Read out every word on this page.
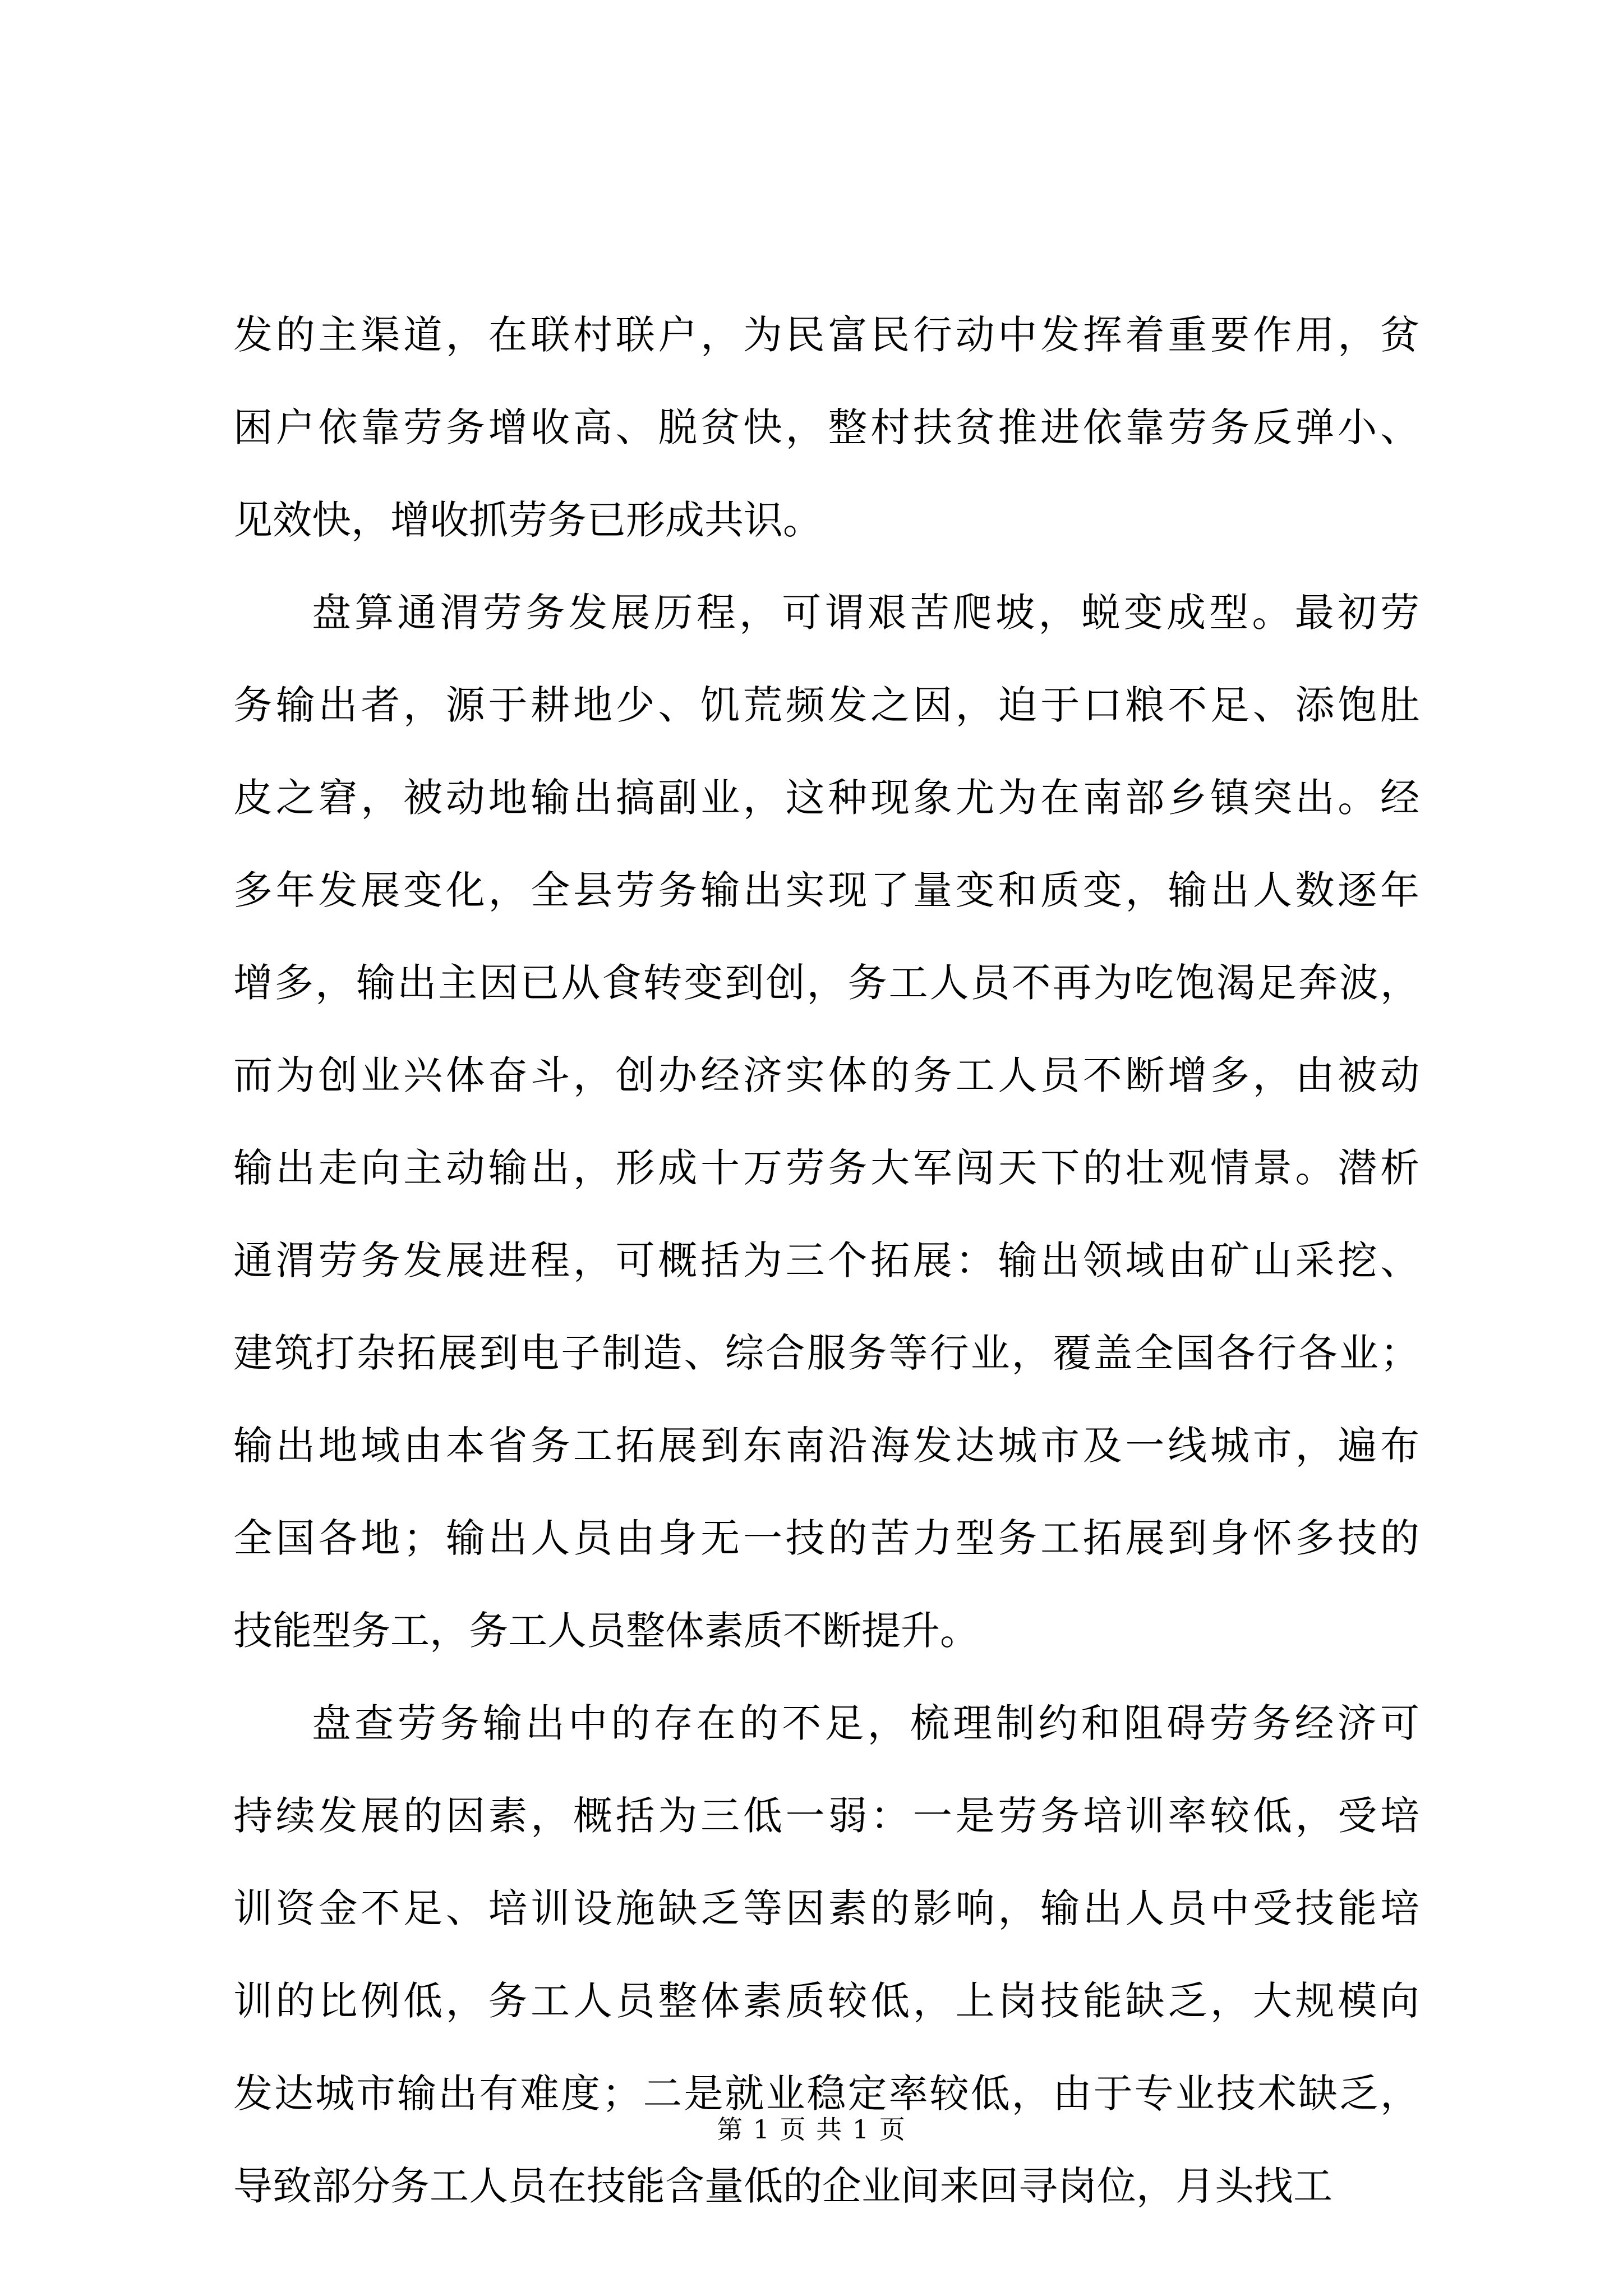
发的主渠道，在联村联户，为民富民行动中发挥着重要作用，贫
困户依靠劳务增收高、脱贫快，整村扶贫推进依靠劳务反弹小、
见效快，增收抓劳务已形成共识。
盘算通渭劳务发展历程，可谓艰苦爬坡，蜕变成型。最初劳
务输出者，源于耕地少、饥荒频发之因，迫于口粮不足、添饱肚
皮之窘，被动地输出搞副业，这种现象尤为在南部乡镇突出。经
多年发展变化，全县劳务输出实现了量变和质变，输出人数逐年
增多，输出主因已从食转变到创，务工人员不再为吃饱渴足奔波，
而为创业兴体奋斗，创办经济实体的务工人员不断增多，由被动
输出走向主动输出，形成十万劳务大军闯天下的壮观情景。潜析
通渭劳务发展进程，可概括为三个拓展：输出领域由矿山采挖、
建筑打杂拓展到电子制造、综合服务等行业，覆盖全国各行各业；
输出地域由本省务工拓展到东南沿海发达城市及一线城市，遍布
全国各地；输出人员由身无一技的苦力型务工拓展到身怀多技的
技能型务工，务工人员整体素质不断提升。
盘查劳务输出中的存在的不足，梳理制约和阻碍劳务经济可
持续发展的因素，概括为三低一弱：一是劳务培训率较低，受培
训资金不足、培训设施缺乏等因素的影响，输出人员中受技能培
训的比例低，务工人员整体素质较低，上岗技能缺乏，大规模向
发达城市输出有难度；二是就业稳定率较低，由于专业技术缺乏，
导致部分务工人员在技能含量低的企业间来回寻岗位，月头找工
第 1 页 共 1 页
